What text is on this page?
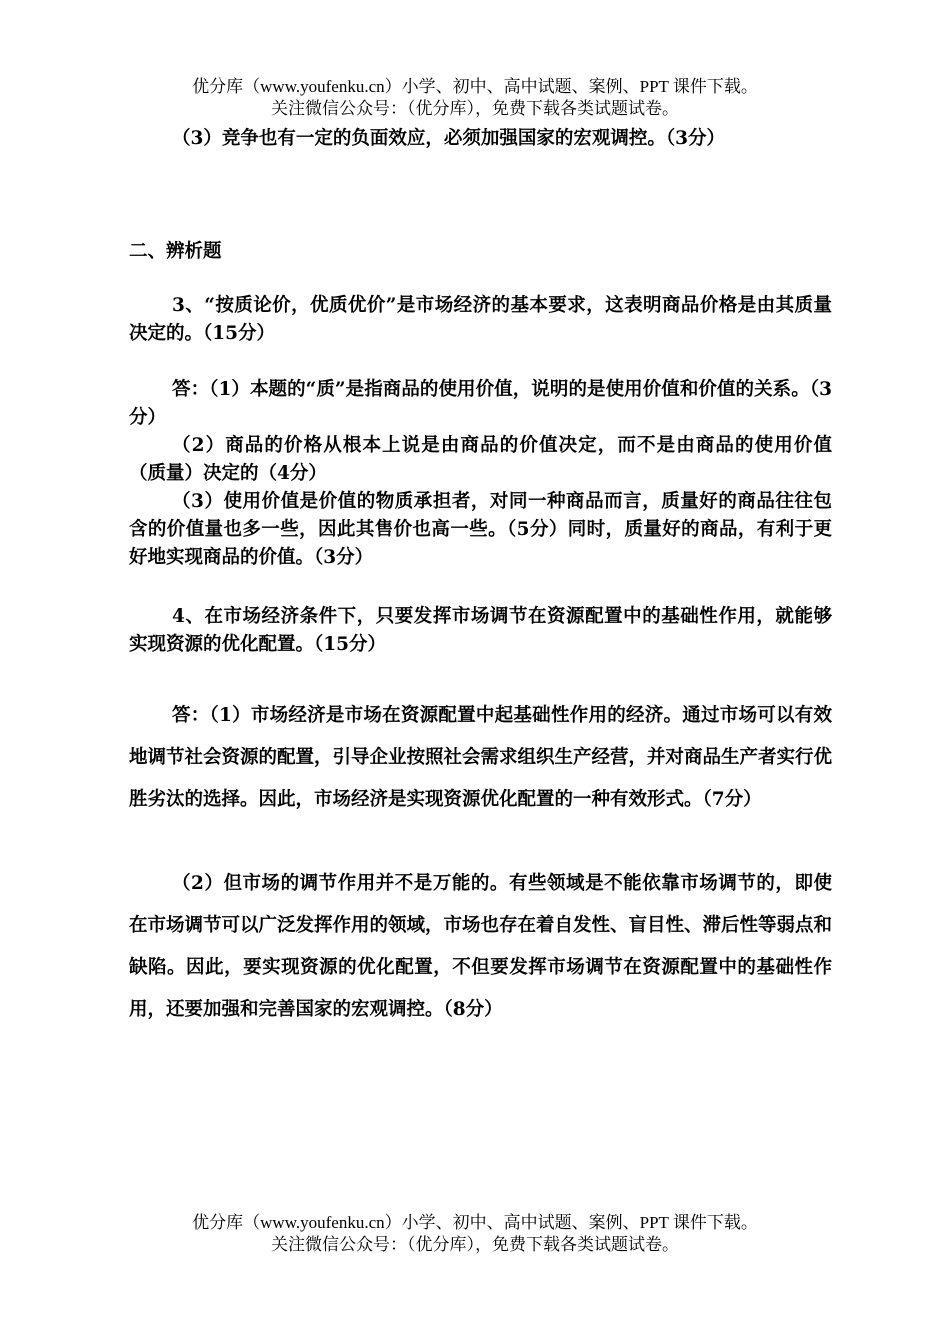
优分库（www.youfenku.cn）小学、初中、高中试题、案例、PPT 课件下载。
关注微信公众号：（优分库），免费下载各类试题试卷。

（3）竞争也有一定的负面效应，必须加强国家的宏观调控。（3分）

二、辨析题

3、“按质论价，优质优价”是市场经济的基本要求，这表明商品价格是由其质量决定的。（15分）

答：（1）本题的“质”是指商品的使用价值，说明的是使用价值和价值的关系。（3分）

（2）商品的价格从根本上说是由商品的价值决定，而不是由商品的使用价值（质量）决定的（4分）

（3）使用价值是价值的物质承担者，对同一种商品而言，质量好的商品往往包含的价值量也多一些，因此其售价也高一些。（5分）同时，质量好的商品，有利于更好地实现商品的价值。（3分）

4、在市场经济条件下，只要发挥市场调节在资源配置中的基础性作用，就能够实现资源的优化配置。（15分）

答：（1）市场经济是市场在资源配置中起基础性作用的经济。通过市场可以有效地调节社会资源的配置，引导企业按照社会需求组织生产经营，并对商品生产者实行优胜劣汰的选择。因此，市场经济是实现资源优化配置的一种有效形式。（7分）

（2）但市场的调节作用并不是万能的。有些领域是不能依靠市场调节的，即使在市场调节可以广泛发挥作用的领域，市场也存在着自发性、盲目性、滞后性等弱点和缺陷。因此，要实现资源的优化配置，不但要发挥市场调节在资源配置中的基础性作用，还要加强和完善国家的宏观调控。（8分）

优分库（www.youfenku.cn）小学、初中、高中试题、案例、PPT 课件下载。
关注微信公众号：（优分库），免费下载各类试题试卷。
